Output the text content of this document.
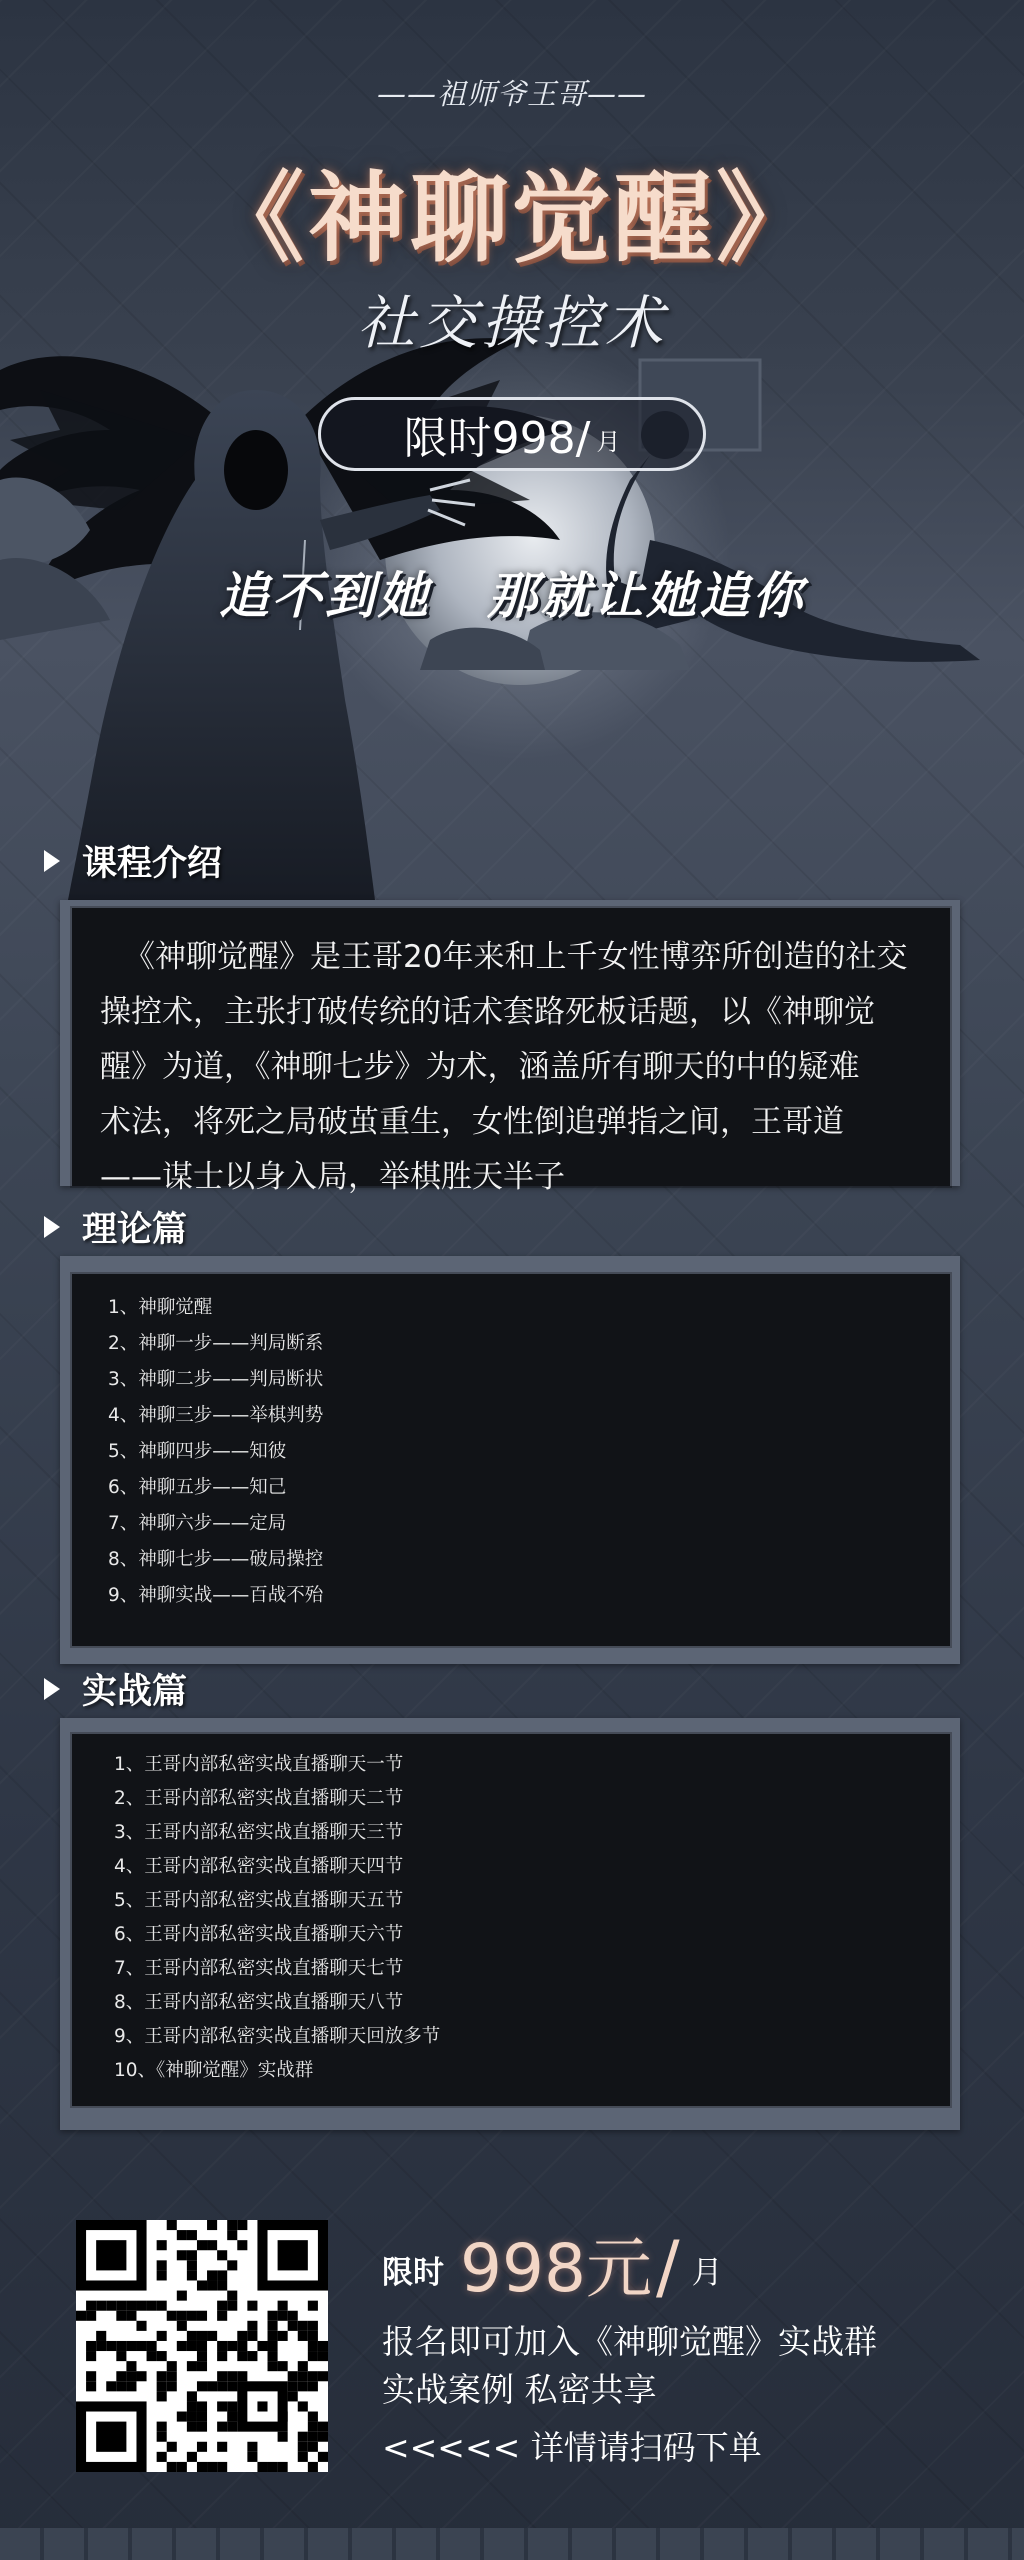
——祖师爷王哥——
《神聊觉醒》
社交操控术
限时998/ 月
追不到她 那就让她追你
课程介绍
《神聊觉醒》是王哥20年来和上千女性博弈所创造的社交
操控术，主张打破传统的话术套路死板话题，以《神聊觉
醒》为道，《神聊七步》为术，涵盖所有聊天的中的疑难
术法，将死之局破茧重生，女性倒追弹指之间，王哥道
——谋士以身入局，举棋胜天半子
理论篇
1、神聊觉醒
2、神聊一步——判局断系
3、神聊二步——判局断状
4、神聊三步——举棋判势
5、神聊四步——知彼
6、神聊五步——知己
7、神聊六步——定局
8、神聊七步——破局操控
9、神聊实战——百战不殆
实战篇
1、王哥内部私密实战直播聊天一节
2、王哥内部私密实战直播聊天二节
3、王哥内部私密实战直播聊天三节
4、王哥内部私密实战直播聊天四节
5、王哥内部私密实战直播聊天五节
6、王哥内部私密实战直播聊天六节
7、王哥内部私密实战直播聊天七节
8、王哥内部私密实战直播聊天八节
9、王哥内部私密实战直播聊天回放多节
10、《神聊觉醒》实战群
限时 998元 / 月
报名即可加入《神聊觉醒》实战群
实战案例 私密共享
<<<<< 详情请扫码下单
